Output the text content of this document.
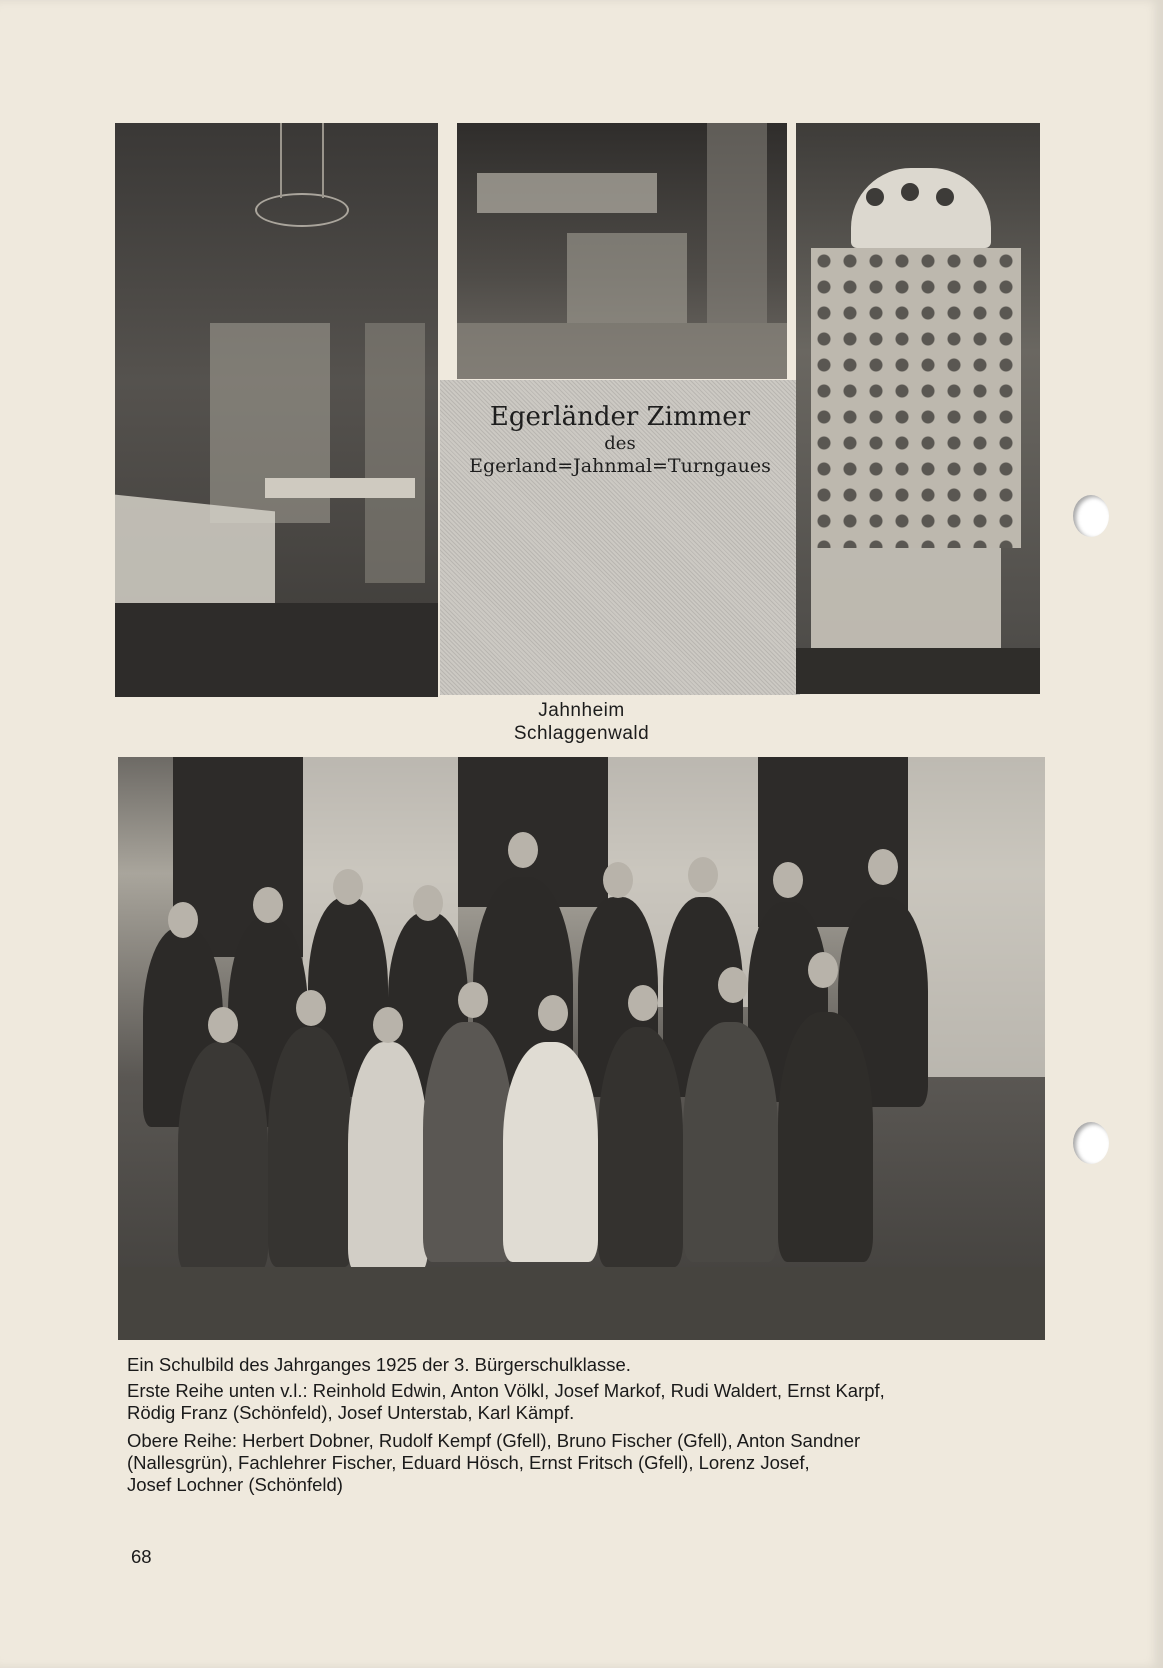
Egerländer Zimmer
des
Egerland=Jahnmal=Turngaues
Jahnheim
Schlaggenwald
Ein Schulbild des Jahrganges 1925 der 3. Bürgerschulklasse.
Erste Reihe unten v.l.: Reinhold Edwin, Anton Völkl, Josef Markof, Rudi Waldert, Ernst Karpf,
Rödig Franz (Schönfeld), Josef Unterstab, Karl Kämpf.
Obere Reihe: Herbert Dobner, Rudolf Kempf (Gfell), Bruno Fischer (Gfell), Anton Sandner
(Nallesgrün), Fachlehrer Fischer, Eduard Hösch, Ernst Fritsch (Gfell), Lorenz Josef,
Josef Lochner (Schönfeld)
68
